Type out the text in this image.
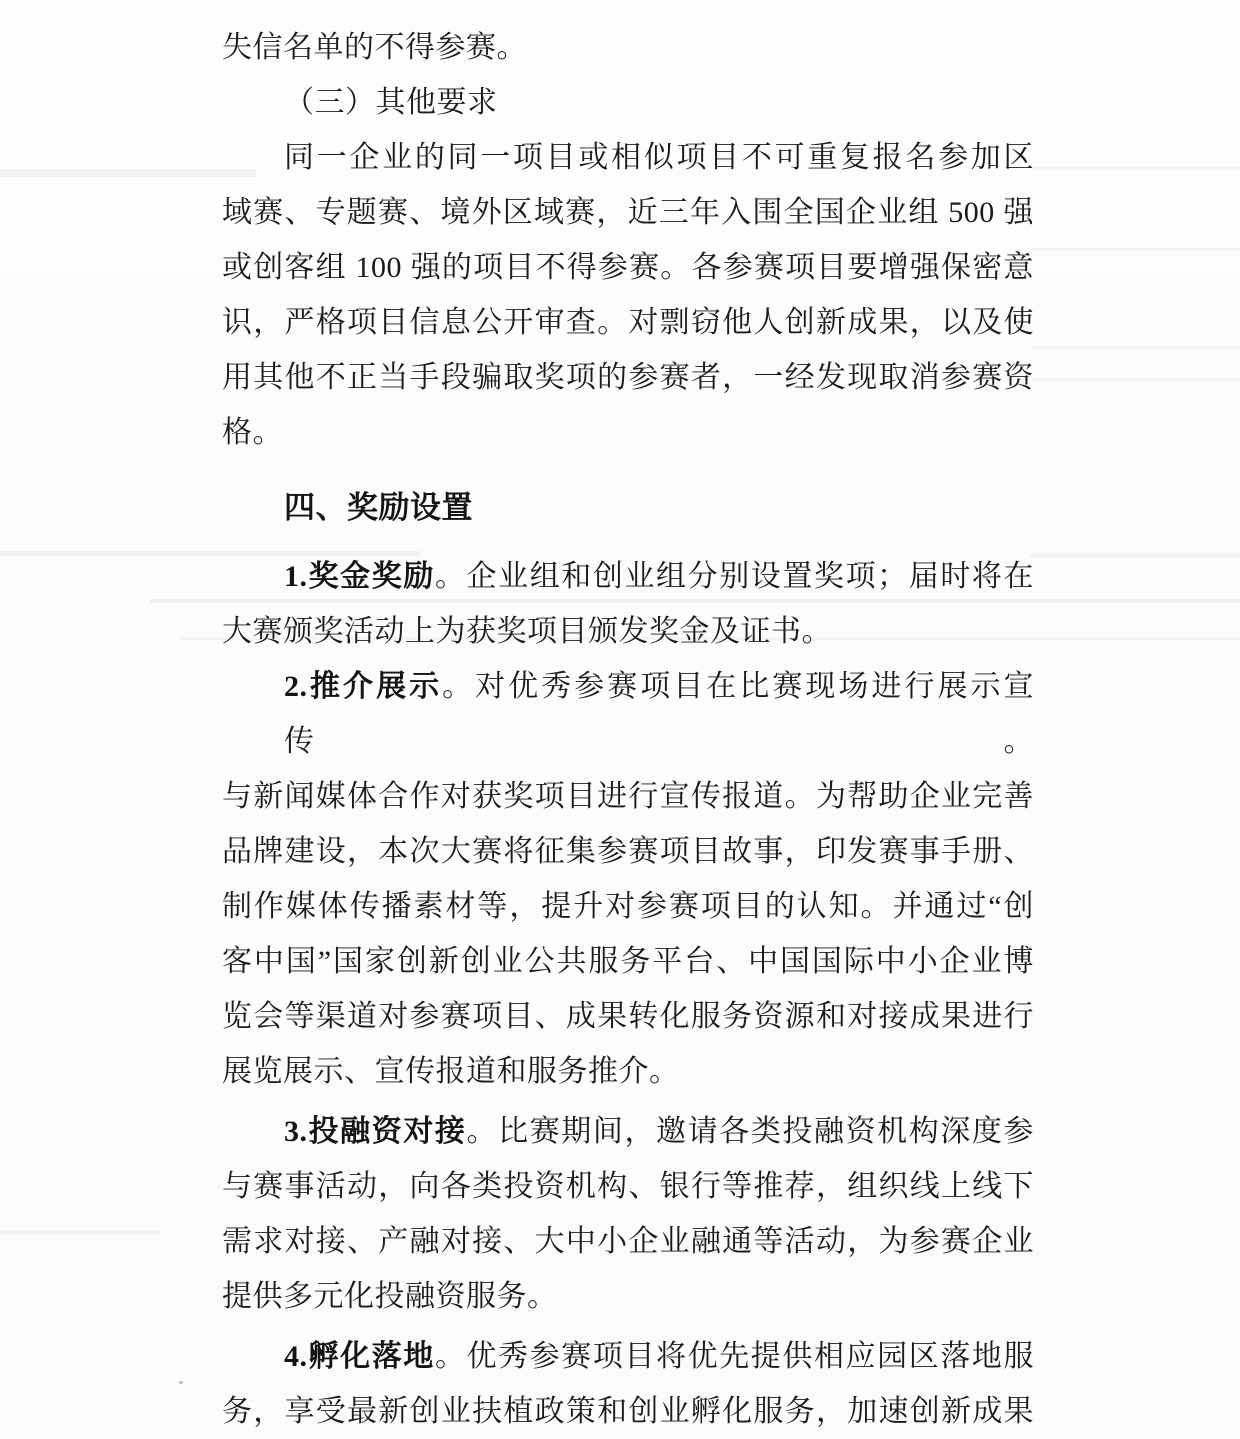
失信名单的不得参赛。
（三）其他要求
同一企业的同一项目或相似项目不可重复报名参加区
域赛、专题赛、境外区域赛，近三年入围全国企业组 500 强
或创客组 100 强的项目不得参赛。各参赛项目要增强保密意
识，严格项目信息公开审查。对剽窃他人创新成果，以及使
用其他不正当手段骗取奖项的参赛者，一经发现取消参赛资
格。
四、奖励设置
1.奖金奖励。企业组和创业组分别设置奖项；届时将在
大赛颁奖活动上为获奖项目颁发奖金及证书。
2.推介展示。对优秀参赛项目在比赛现场进行展示宣传。
与新闻媒体合作对获奖项目进行宣传报道。为帮助企业完善
品牌建设，本次大赛将征集参赛项目故事，印发赛事手册、
制作媒体传播素材等，提升对参赛项目的认知。并通过“创
客中国”国家创新创业公共服务平台、中国国际中小企业博
览会等渠道对参赛项目、成果转化服务资源和对接成果进行
展览展示、宣传报道和服务推介。
3.投融资对接。比赛期间，邀请各类投融资机构深度参
与赛事活动，向各类投资机构、银行等推荐，组织线上线下
需求对接、产融对接、大中小企业融通等活动，为参赛企业
提供多元化投融资服务。
4.孵化落地。优秀参赛项目将优先提供相应园区落地服
务，享受最新创业扶植政策和创业孵化服务，加速创新成果
